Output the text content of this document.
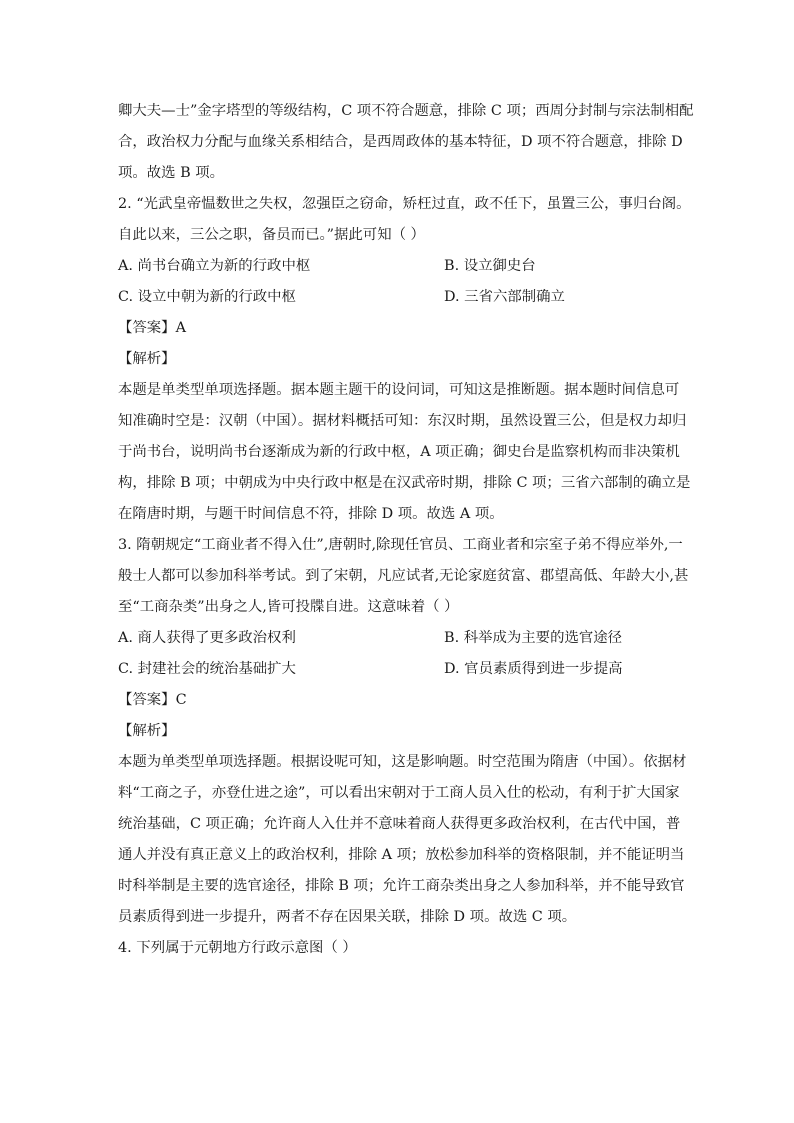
卿大夫—士”金字塔型的等级结构，C 项不符合题意，排除 C 项；西周分封制与宗法制相配

合，政治权力分配与血缘关系相结合，是西周政体的基本特征，D 项不符合题意，排除 D

项。故选 B 项。

2. “光武皇帝愠数世之失权，忽强臣之窃命，矫枉过直，政不任下，虽置三公，事归台阁。

自此以来，三公之职，备员而已。”据此可知（ ）

A. 尚书台确立为新的行政中枢	B. 设立御史台
C. 设立中朝为新的行政中枢	D. 三省六部制确立

【答案】A

【解析】

本题是单类型单项选择题。据本题主题干的设问词，可知这是推断题。据本题时间信息可

知准确时空是：汉朝（中国）。据材料概括可知：东汉时期，虽然设置三公，但是权力却归

于尚书台，说明尚书台逐渐成为新的行政中枢，A 项正确；御史台是监察机构而非决策机

构，排除 B 项；中朝成为中央行政中枢是在汉武帝时期，排除 C 项；三省六部制的确立是

在隋唐时期，与题干时间信息不符，排除 D 项。故选 A 项。

3. 隋朝规定“工商业者不得入仕”,唐朝时,除现任官员、工商业者和宗室子弟不得应举外,一

般士人都可以参加科举考试。到了宋朝，凡应试者,无论家庭贫富、郡望高低、年龄大小,甚

至“工商杂类”出身之人,皆可投牒自进。这意味着（ ）

A. 商人获得了更多政治权利	B. 科举成为主要的选官途径
C. 封建社会的统治基础扩大	D. 官员素质得到进一步提高

【答案】C

【解析】

本题为单类型单项选择题。根据设呢可知，这是影响题。时空范围为隋唐（中国）。依据材

料“工商之子，亦登仕进之途”，可以看出宋朝对于工商人员入仕的松动，有利于扩大国家

统治基础，C 项正确；允许商人入仕并不意味着商人获得更多政治权利，在古代中国，普

通人并没有真正意义上的政治权利，排除 A 项；放松参加科举的资格限制，并不能证明当

时科举制是主要的选官途径，排除 B 项；允许工商杂类出身之人参加科举，并不能导致官

员素质得到进一步提升，两者不存在因果关联，排除 D 项。故选 C 项。

4. 下列属于元朝地方行政示意图（ ）
